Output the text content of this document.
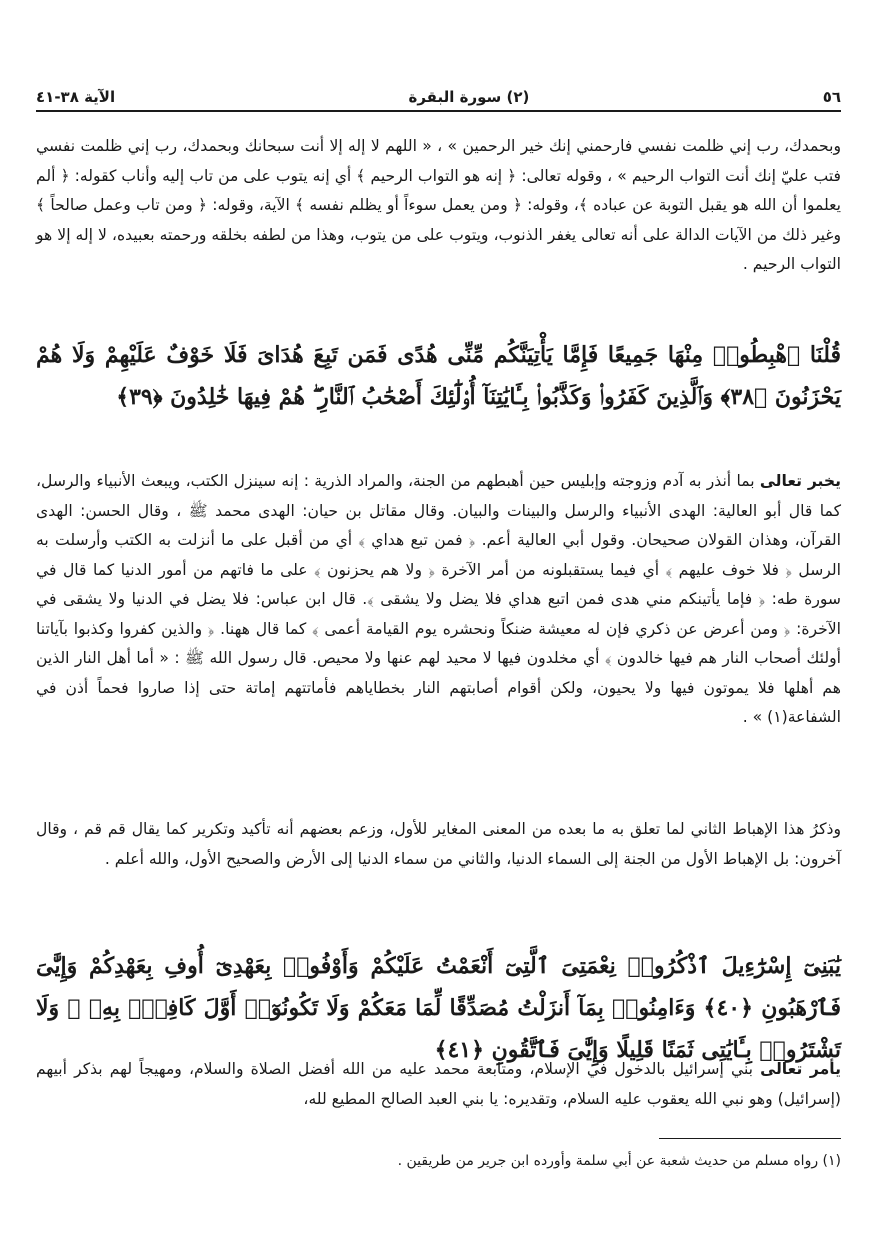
٥٦
(٢) سورة البقرة
الآية ٣٨-٤١

وبحمدك، رب إني ظلمت نفسي فارحمني إنك خير الرحمين » ، « اللهم لا إله إلا أنت سبحانك وبحمدك، رب إني ظلمت نفسي فتب عليّ إنك أنت التواب الرحيم » ، وقوله تعالى: ﴿ إنه هو التواب الرحيم ﴾ أي إنه يتوب على من تاب إليه وأناب كقوله: ﴿ ألم يعلموا أن الله هو يقبل التوبة عن عباده ﴾، وقوله: ﴿ ومن يعمل سوءاً أو يظلم نفسه ﴾ الآية، وقوله: ﴿ ومن تاب وعمل صالحاً ﴾ وغير ذلك من الآيات الدالة على أنه تعالى يغفر الذنوب، ويتوب على من يتوب، وهذا من لطفه بخلقه ورحمته بعبيده، لا إله إلا هو التواب الرحيم .

قُلْنَا ٱهْبِطُوا۟ مِنْهَا جَمِيعًا فَإِمَّا يَأْتِيَنَّكُم مِّنِّى هُدًى فَمَن تَبِعَ هُدَاىَ فَلَا خَوْفٌ عَلَيْهِمْ وَلَا هُمْ يَحْزَنُونَ ﴿٣٨﴾ وَٱلَّذِينَ كَفَرُوا۟ وَكَذَّبُوا۟ بِـَٔايَٰتِنَآ أُو۟لَٰٓئِكَ أَصْحَٰبُ ٱلنَّارِ ۖ هُمْ فِيهَا خَٰلِدُونَ ﴿٣٩﴾

يخبر تعالى بما أنذر به آدم وزوجته وإبليس حين أهبطهم من الجنة، والمراد الذرية : إنه سينزل الكتب، ويبعث الأنبياء والرسل، كما قال أبو العالية: الهدى الأنبياء والرسل والبينات والبيان. وقال مقاتل بن حيان: الهدى محمد ﷺ ، وقال الحسن: الهدى القرآن، وهذان القولان صحيحان. وقول أبي العالية أعم. ﴿ فمن تبع هداي ﴾ أي من أقبل على ما أنزلت به الكتب وأرسلت به الرسل ﴿ فلا خوف عليهم ﴾ أي فيما يستقبلونه من أمر الآخرة ﴿ ولا هم يحزنون ﴾ على ما فاتهم من أمور الدنيا كما قال في سورة طه: ﴿ فإما يأتينكم مني هدى فمن اتبع هداي فلا يضل ولا يشقى ﴾. قال ابن عباس: فلا يضل في الدنيا ولا يشقى في الآخرة: ﴿ ومن أعرض عن ذكري فإن له معيشة ضنكاً ونحشره يوم القيامة أعمى ﴾ كما قال ههنا. ﴿ والذين كفروا وكذبوا بآياتنا أولئك أصحاب النار هم فيها خالدون ﴾ أي مخلدون فيها لا محيد لهم عنها ولا محيص. قال رسول الله ﷺ : « أما أهل النار الذين هم أهلها فلا يموتون فيها ولا يحيون، ولكن أقوام أصابتهم النار بخطاياهم فأماتتهم إماتة حتى إذا صاروا فحماً أذن في الشفاعة(١) » .

وذكرُ هذا الإهباط الثاني لما تعلق به ما بعده من المعنى المغاير للأول، وزعم بعضهم أنه تأكيد وتكرير كما يقال قم قم ، وقال آخرون: بل الإهباط الأول من الجنة إلى السماء الدنيا، والثاني من سماء الدنيا إلى الأرض والصحيح الأول، والله أعلم .

يَٰبَنِىٓ إِسْرَٰٓءِيلَ ٱذْكُرُوا۟ نِعْمَتِىَ ٱلَّتِىٓ أَنْعَمْتُ عَلَيْكُمْ وَأَوْفُوا۟ بِعَهْدِىٓ أُوفِ بِعَهْدِكُمْ وَإِيَّٰىَ فَٱرْهَبُونِ ﴿٤٠﴾ وَءَامِنُوا۟ بِمَآ أَنزَلْتُ مُصَدِّقًا لِّمَا مَعَكُمْ وَلَا تَكُونُوٓا۟ أَوَّلَ كَافِرٍۭ بِهِۦ ۖ وَلَا تَشْتَرُوا۟ بِـَٔايَٰتِى ثَمَنًا قَلِيلًا وَإِيَّٰىَ فَٱتَّقُونِ ﴿٤١﴾

يأمر تعالى بني إسرائيل بالدخول في الإسلام، ومتابعة محمد عليه من الله أفضل الصلاة والسلام، ومهيجاً لهم بذكر أبيهم (إسرائيل) وهو نبي الله يعقوب عليه السلام، وتقديره: يا بني العبد الصالح المطيع لله،

(١) رواه مسلم من حديث شعبة عن أبي سلمة وأورده ابن جرير من طريقين .
